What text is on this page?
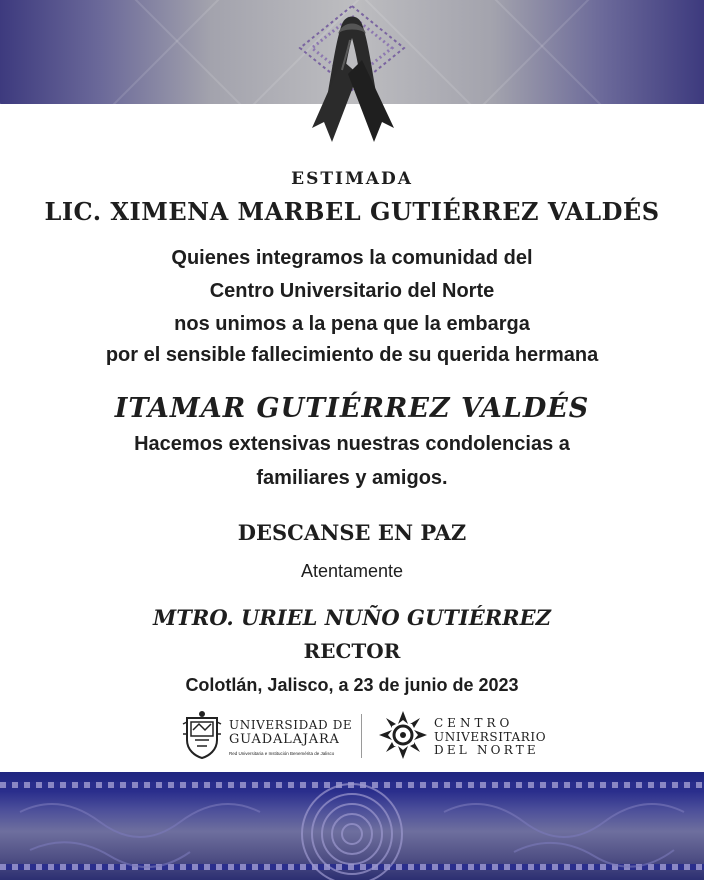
ESTIMADA
LIC. XIMENA MARBEL GUTIÉRREZ VALDÉS
Quienes integramos la comunidad del
Centro Universitario del Norte
nos unimos a la pena que la embarga
por el sensible fallecimiento de su querida hermana
ITAMAR GUTIÉRREZ VALDÉS
Hacemos extensivas nuestras condolencias a
familiares y amigos.
DESCANSE EN PAZ
Atentamente
MTRO. URIEL NUÑO GUTIÉRREZ
RECTOR
Colotlán, Jalisco, a 23 de junio de 2023
UNIVERSIDAD DE
GUADALAJARA
Red Universitaria e Institución Benemérita de Jalisco
CENTRO
UNIVERSITARIO
DEL NORTE
